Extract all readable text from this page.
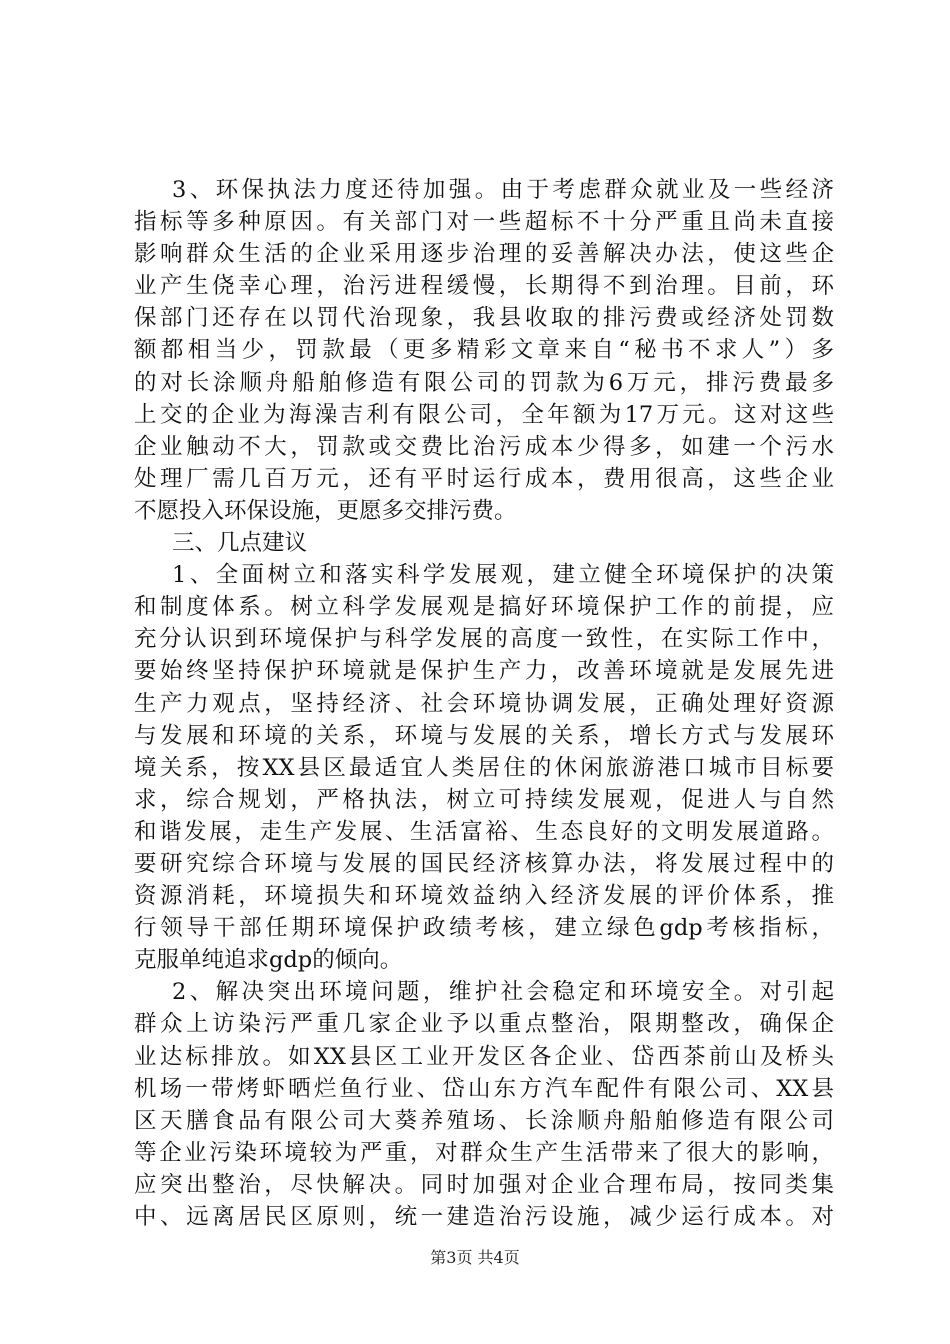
3、环保执法力度还待加强。由于考虑群众就业及一些经济
指标等多种原因。有关部门对一些超标不十分严重且尚未直接
影响群众生活的企业采用逐步治理的妥善解决办法，使这些企
业产生侥幸心理，治污进程缓慢，长期得不到治理。目前，环
保部门还存在以罚代治现象，我县收取的排污费或经济处罚数
额都相当少，罚款最（更多精彩文章来自“秘书不求人”）多
的对长涂顺舟船舶修造有限公司的罚款为6万元，排污费最多
上交的企业为海澡吉利有限公司，全年额为17万元。这对这些
企业触动不大，罚款或交费比治污成本少得多，如建一个污水
处理厂需几百万元，还有平时运行成本，费用很高，这些企业
不愿投入环保设施，更愿多交排污费。
三、几点建议
1、全面树立和落实科学发展观，建立健全环境保护的决策
和制度体系。树立科学发展观是搞好环境保护工作的前提，应
充分认识到环境保护与科学发展的高度一致性，在实际工作中，
要始终坚持保护环境就是保护生产力，改善环境就是发展先进
生产力观点，坚持经济、社会环境协调发展，正确处理好资源
与发展和环境的关系，环境与发展的关系，增长方式与发展环
境关系，按XX县区最适宜人类居住的休闲旅游港口城市目标要
求，综合规划，严格执法，树立可持续发展观，促进人与自然
和谐发展，走生产发展、生活富裕、生态良好的文明发展道路。
要研究综合环境与发展的国民经济核算办法，将发展过程中的
资源消耗，环境损失和环境效益纳入经济发展的评价体系，推
行领导干部任期环境保护政绩考核，建立绿色gdp考核指标，
克服单纯追求gdp的倾向。
2、解决突出环境问题，维护社会稳定和环境安全。对引起
群众上访染污严重几家企业予以重点整治，限期整改，确保企
业达标排放。如XX县区工业开发区各企业、岱西茶前山及桥头
机场一带烤虾晒烂鱼行业、岱山东方汽车配件有限公司、XX县
区天膳食品有限公司大葵养殖场、长涂顺舟船舶修造有限公司
等企业污染环境较为严重，对群众生产生活带来了很大的影响，
应突出整治，尽快解决。同时加强对企业合理布局，按同类集
中、远离居民区原则，统一建造治污设施，减少运行成本。对
第3页 共4页
